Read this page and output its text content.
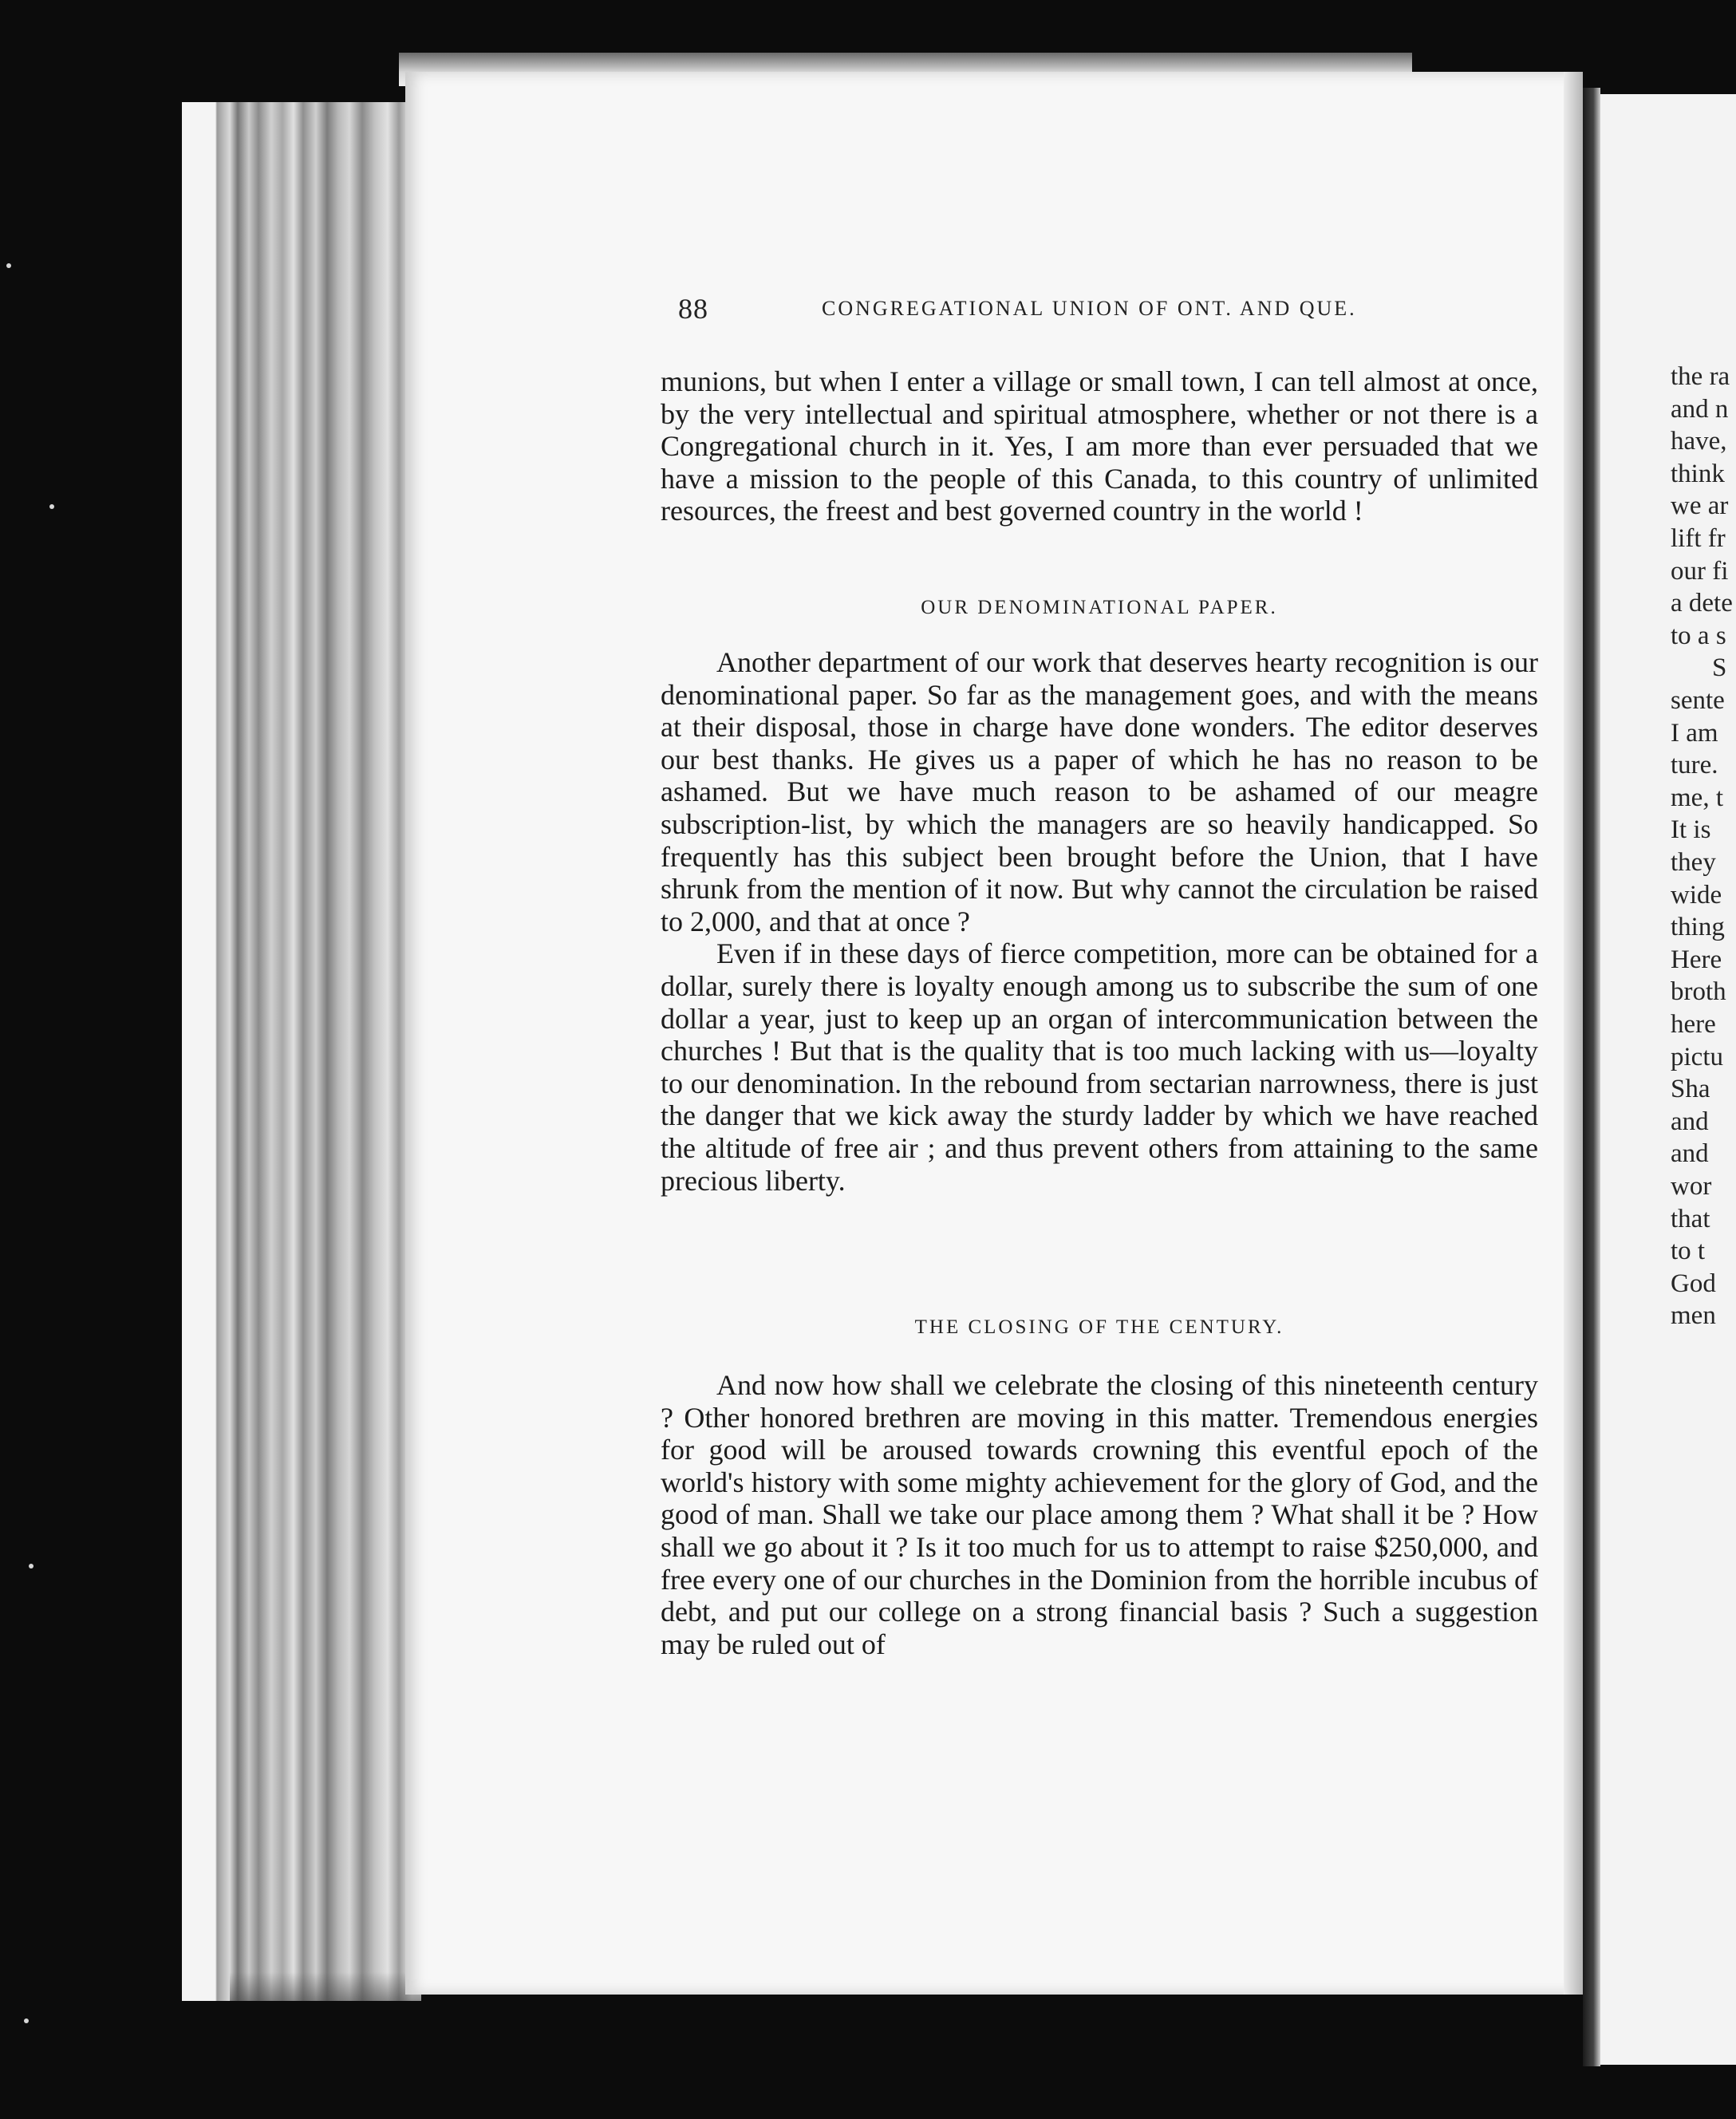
the ra
and n
have,
think
we ar
lift fr
our fi
a dete
to a s
S
sente
I am
ture.
me, t
It is
they
wide
thing
Here
broth
here
pictu
Sha
and
and
wor
that
to t
God
men
88	CONGREGATIONAL UNION OF ONT. AND QUE.

munions, but when I enter a village or small town, I can tell almost at once, by the very intellectual and spiritual atmosphere, whether or not there is a Congregational church in it. Yes, I am more than ever persuaded that we have a mission to the people of this Canada, to this country of unlimited resources, the freest and best governed country in the world !

OUR DENOMINATIONAL PAPER.

Another department of our work that deserves hearty recognition is our denominational paper. So far as the management goes, and with the means at their disposal, those in charge have done wonders. The editor deserves our best thanks. He gives us a paper of which he has no reason to be ashamed. But we have much reason to be ashamed of our meagre subscription-list, by which the managers are so heavily handicapped. So frequently has this subject been brought before the Union, that I have shrunk from the mention of it now. But why cannot the circulation be raised to 2,000, and that at once ?

Even if in these days of fierce competition, more can be obtained for a dollar, surely there is loyalty enough among us to subscribe the sum of one dollar a year, just to keep up an organ of intercommunication between the churches ! But that is the quality that is too much lacking with us—loyalty to our denomination. In the rebound from sectarian narrowness, there is just the danger that we kick away the sturdy ladder by which we have reached the altitude of free air ; and thus prevent others from attaining to the same precious liberty.

THE CLOSING OF THE CENTURY.

And now how shall we celebrate the closing of this nineteenth century ? Other honored brethren are moving in this matter. Tremendous energies for good will be aroused towards crowning this eventful epoch of the world's history with some mighty achievement for the glory of God, and the good of man. Shall we take our place among them ? What shall it be ? How shall we go about it ? Is it too much for us to attempt to raise $250,000, and free every one of our churches in the Dominion from the horrible incubus of debt, and put our college on a strong financial basis ? Such a suggestion may be ruled out of
